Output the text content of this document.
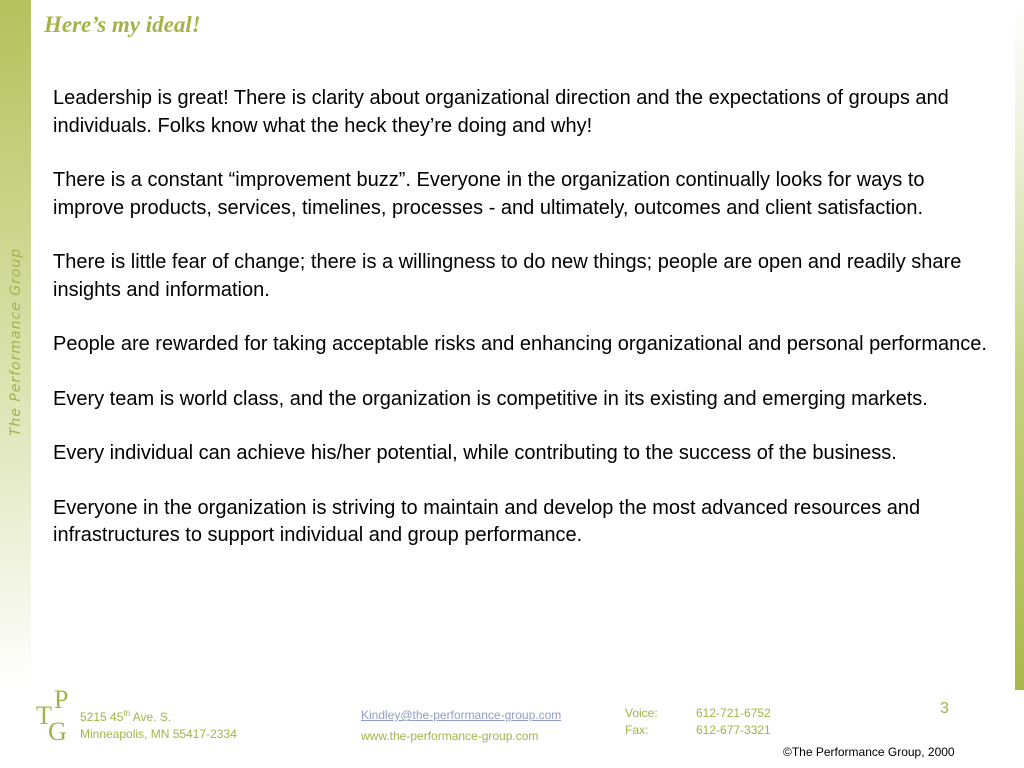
The Performance Group
Here’s my ideal!

Leadership is great! There is clarity about organizational direction and the expectations of groups and individuals. Folks know what the heck they’re doing and why!

There is a constant “improvement buzz”. Everyone in the organization continually looks for ways to improve products, services, timelines, processes - and ultimately, outcomes and client satisfaction.

There is little fear of change; there is a willingness to do new things; people are open and readily share insights and information.

People are rewarded for taking acceptable risks and enhancing organizational and personal performance.

Every team is world class, and the organization is competitive in its existing and emerging markets.

Every individual can achieve his/her potential, while contributing to the success of the business.

Everyone in the organization is striving to maintain and develop the most advanced resources and infrastructures to support individual and group performance.

3
P
T
G 5215 45th Ave. S.
Minneapolis, MN 55417-2334
Kindley@the-performance-group.com
www.the-performance-group.com
Voice:	612-721-6752
Fax:	612-677-3321
©The Performance Group, 2000
